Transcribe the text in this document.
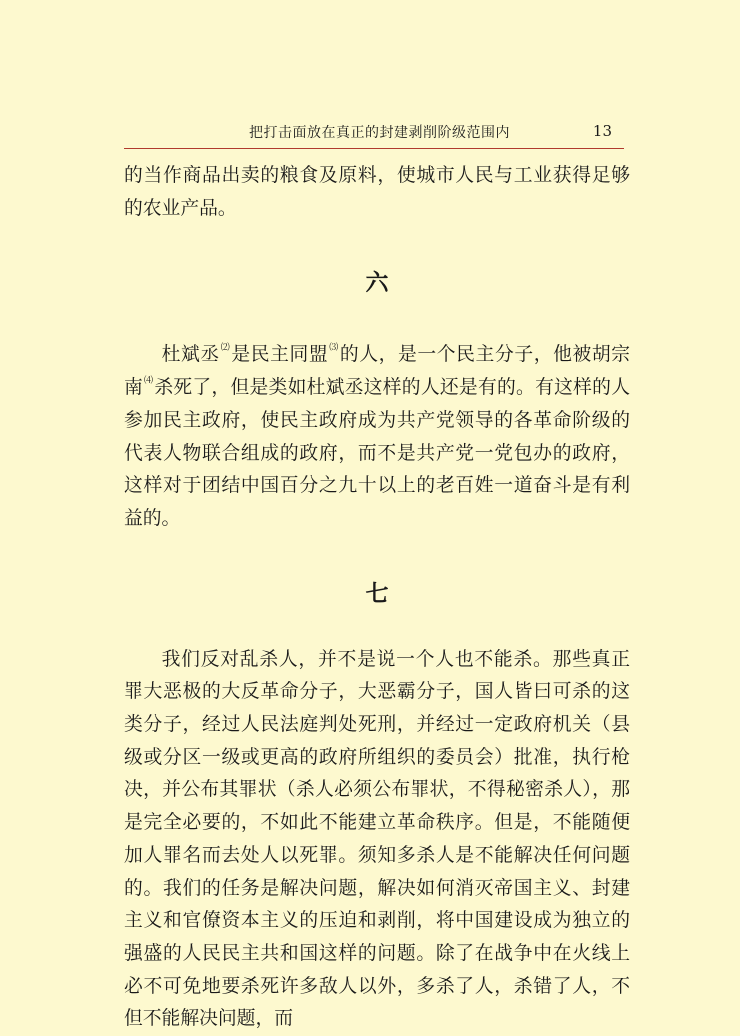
把打击面放在真正的封建剥削阶级范围内	13

的当作商品出卖的粮食及原料，使城市人民与工业获得足够的农业产品。

六

杜斌丞⑵是民主同盟⑶的人，是一个民主分子，他被胡宗南⑷杀死了，但是类如杜斌丞这样的人还是有的。有这样的人参加民主政府，使民主政府成为共产党领导的各革命阶级的代表人物联合组成的政府，而不是共产党一党包办的政府，这样对于团结中国百分之九十以上的老百姓一道奋斗是有利益的。

七

我们反对乱杀人，并不是说一个人也不能杀。那些真正罪大恶极的大反革命分子，大恶霸分子，国人皆曰可杀的这类分子，经过人民法庭判处死刑，并经过一定政府机关（县级或分区一级或更高的政府所组织的委员会）批准，执行枪决，并公布其罪状（杀人必须公布罪状，不得秘密杀人），那是完全必要的，不如此不能建立革命秩序。但是，不能随便加人罪名而去处人以死罪。须知多杀人是不能解决任何问题的。我们的任务是解决问题，解决如何消灭帝国主义、封建主义和官僚资本主义的压迫和剥削，将中国建设成为独立的强盛的人民民主共和国这样的问题。除了在战争中在火线上必不可免地要杀死许多敌人以外，多杀了人，杀错了人，不但不能解决问题，而
